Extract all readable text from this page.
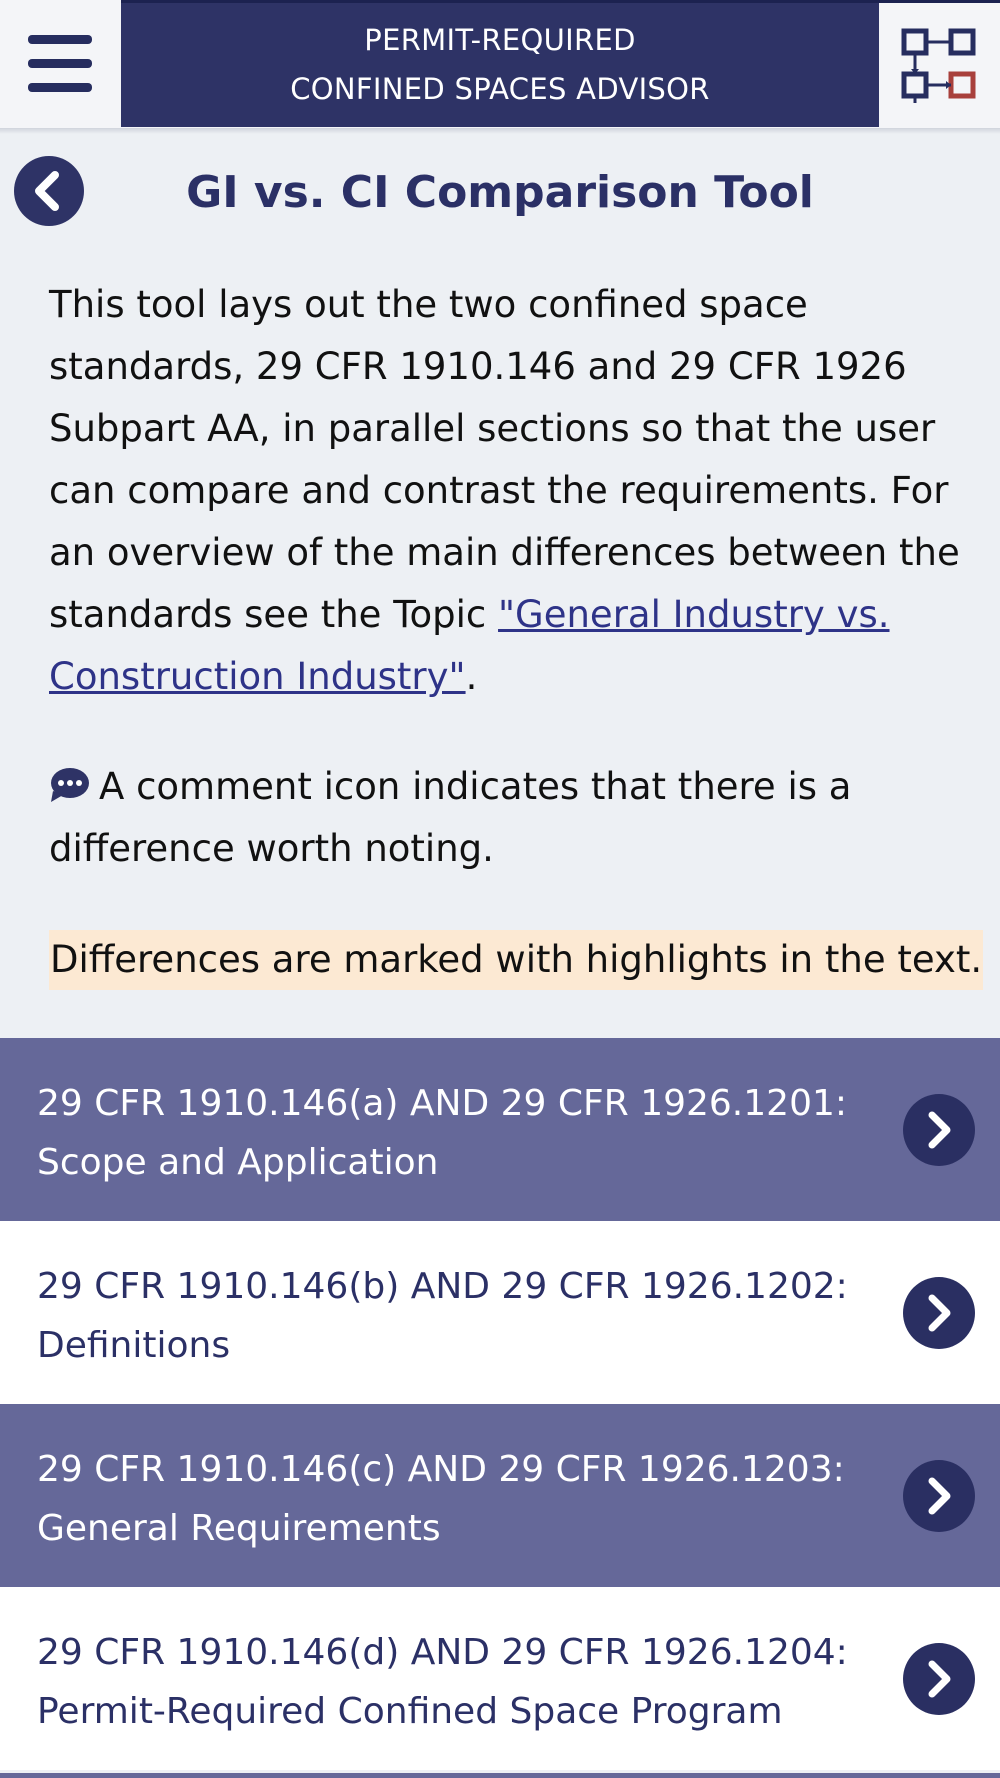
PERMIT-REQUIRED
CONFINED SPACES ADVISOR
GI vs. CI Comparison Tool

This tool lays out the two confined space standards, 29 CFR 1910.146 and 29 CFR 1926 Subpart AA, in parallel sections so that the user can compare and contrast the requirements. For an overview of the main differences between the standards see the Topic "General Industry vs. Construction Industry".

A comment icon indicates that there is a difference worth noting.

Differences are marked with highlights in the text.

29 CFR 1910.146(a) AND 29 CFR 1926.1201:
Scope and Application
29 CFR 1910.146(b) AND 29 CFR 1926.1202:
Definitions
29 CFR 1910.146(c) AND 29 CFR 1926.1203:
General Requirements
29 CFR 1910.146(d) AND 29 CFR 1926.1204:
Permit-Required Confined Space Program
